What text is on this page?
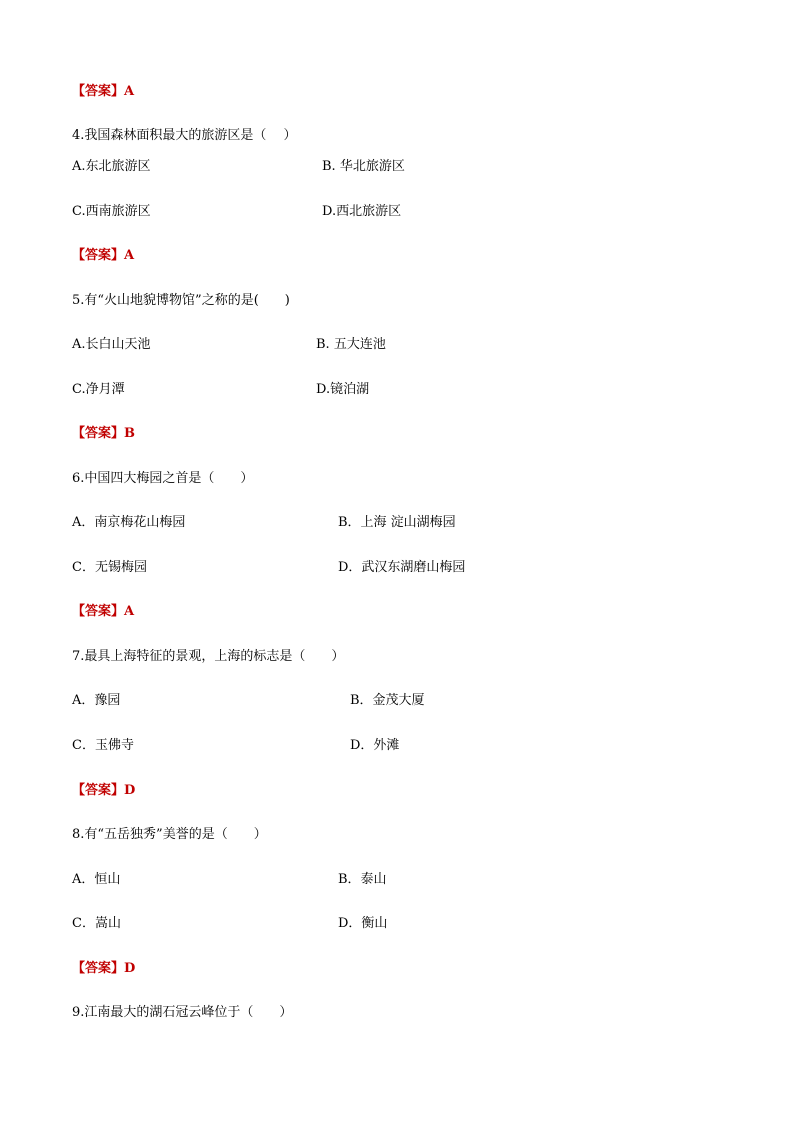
【答案】A
4.我国森林面积最大的旅游区是（　 ）
A.东北旅游区	B. 华北旅游区
C.西南旅游区	D.西北旅游区
【答案】A
5.有“火山地貌博物馆”之称的是(　　)
A.长白山天池	B. 五大连池
C.净月潭	D.镜泊湖
【答案】B
6.中国四大梅园之首是（　　）
A．南京梅花山梅园	B．上海 淀山湖梅园
C．无锡梅园	D．武汉东湖磨山梅园
【答案】A
7.最具上海特征的景观，上海的标志是（　　）
A．豫园	B．金茂大厦
C．玉佛寺	D．外滩
【答案】D
8.有“五岳独秀”美誉的是（　　）
A．恒山	B．泰山
C．嵩山	D．衡山
【答案】D
9.江南最大的湖石冠云峰位于（　　）
